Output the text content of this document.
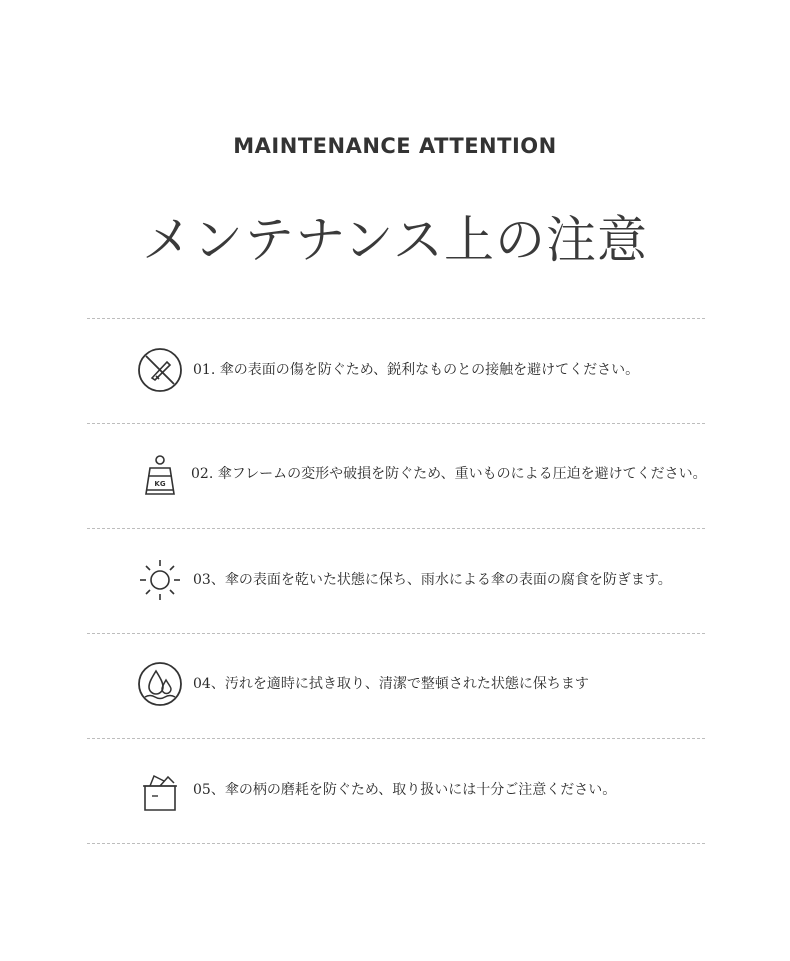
MAINTENANCE ATTENTION
メンテナンス上の注意
01. 傘の表面の傷を防ぐため、鋭利なものとの接触を避けてください。
KG
02. 傘フレームの変形や破損を防ぐため、重いものによる圧迫を避けてください。
03、傘の表面を乾いた状態に保ち、雨水による傘の表面の腐食を防ぎます。
04、汚れを適時に拭き取り、清潔で整頓された状態に保ちます
05、傘の柄の磨耗を防ぐため、取り扱いには十分ご注意ください。
